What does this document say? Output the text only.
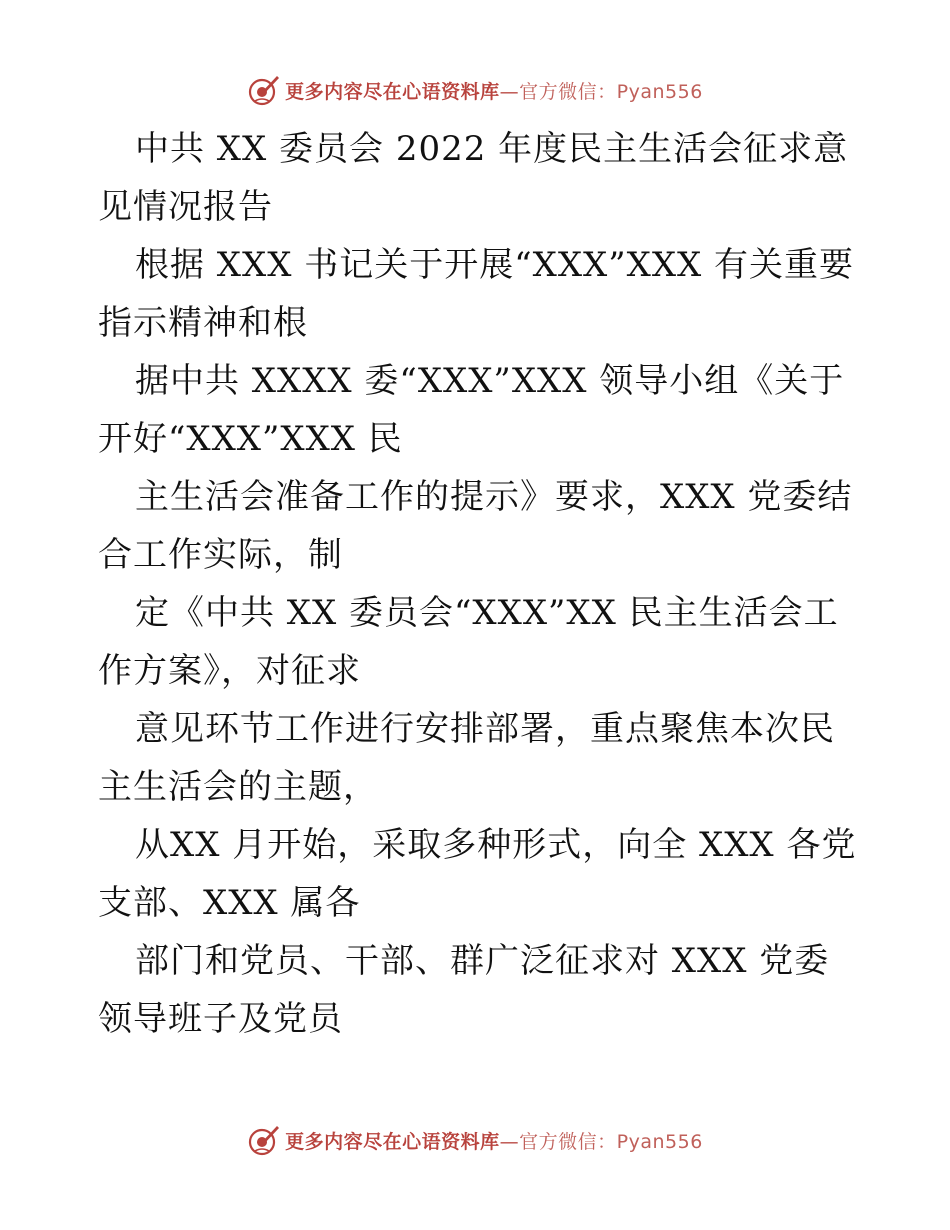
更多内容尽在心语资料库—官方微信：Pyan556

中共 XX 委员会 2022 年度民主生活会征求意见情况报告

根据 XXX 书记关于开展“XXX”XXX 有关重要指示精神和根

据中共 XXXX 委“XXX”XXX 领导小组《关于开好“XXX”XXX 民

主生活会准备工作的提示》要求，XXX 党委结合工作实际，制

定《中共 XX 委员会“XXX”XX 民主生活会工作方案》，对征求

意见环节工作进行安排部署，重点聚焦本次民主生活会的主题，

从XX 月开始，采取多种形式，向全 XXX 各党支部、XXX 属各

部门和党员、干部、群广泛征求对 XXX 党委领导班子及党员

更多内容尽在心语资料库—官方微信：Pyan556
